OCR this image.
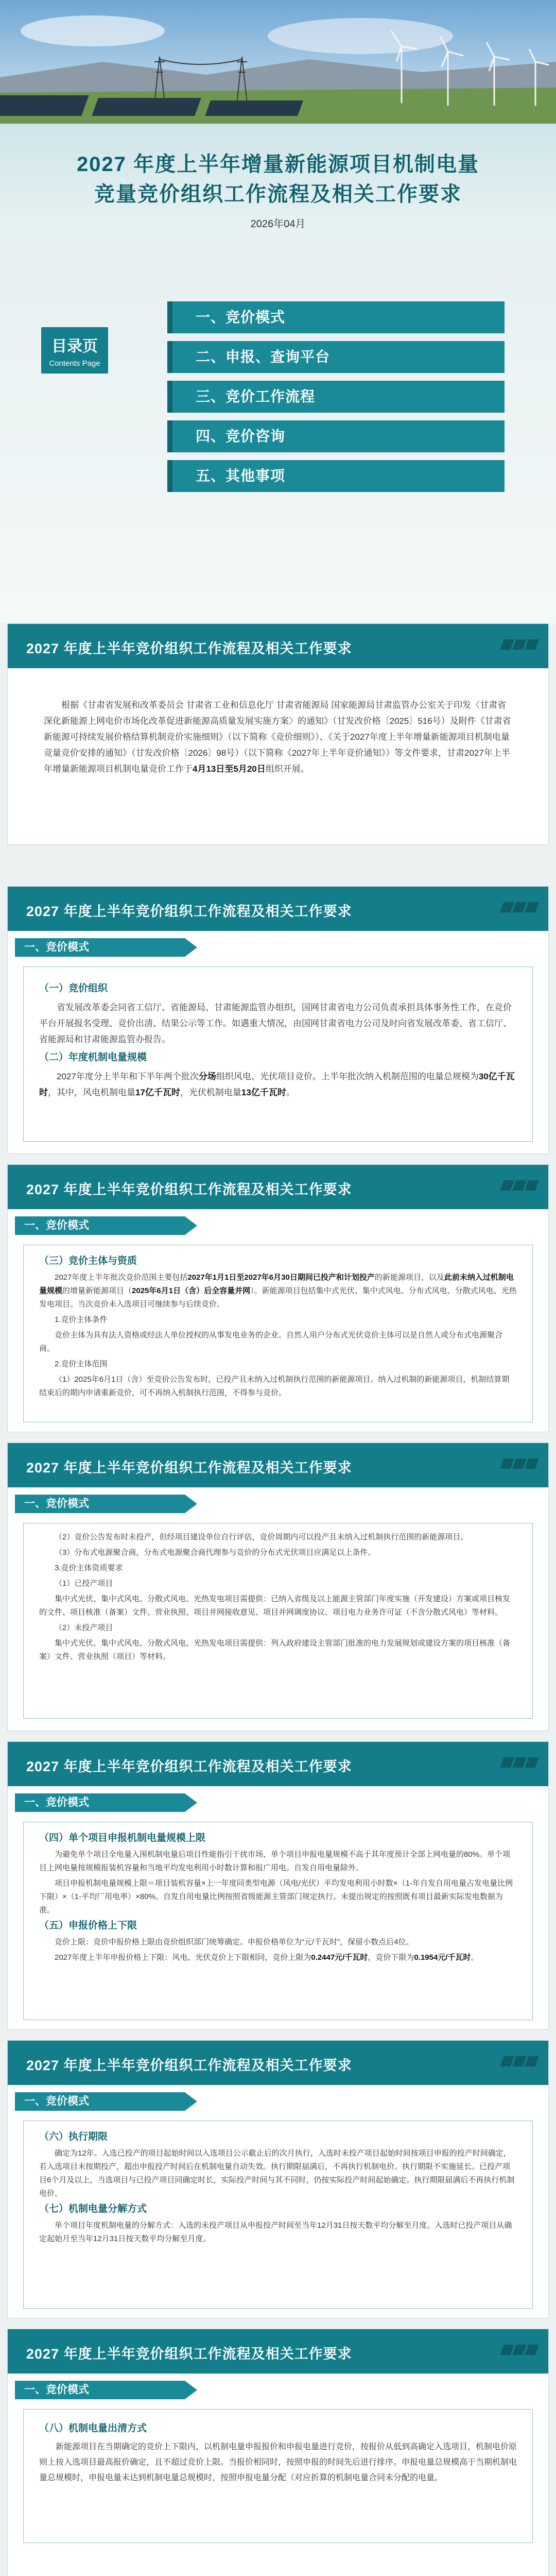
2027 年度上半年增量新能源项目机制电量
竞量竞价组织工作流程及相关工作要求
2026年04月
目录页
Contents Page
一、竞价模式
二、申报、查询平台
三、竞价工作流程
四、竞价咨询
五、其他事项
2027 年度上半年竞价组织工作流程及相关工作要求

根据《甘肃省发展和改革委员会 甘肃省工业和信息化厅 甘肃省能源局 国家能源局甘肃监管办公室关于印发〈甘肃省深化新能源上网电价市场化改革促进新能源高质量发展实施方案〉的通知》（甘发改价格〔2025〕516号）及附件《甘肃省新能源可持续发展价格结算机制竞价实施细则》（以下简称《竞价细则》）、《关于2027年度上半年增量新能源项目机制电量竞量竞价安排的通知》（甘发改价格〔2026〕98号）（以下简称《2027年上半年竞价通知》）等文件要求，甘肃2027年上半年增量新能源项目机制电量竞价工作于4月13日至5月20日组织开展。

2027 年度上半年竞价组织工作流程及相关工作要求
一、竞价模式

（一）竞价组织

省发展改革委会同省工信厅、省能源局、甘肃能源监管办组织，国网甘肃省电力公司负责承担具体事务性工作，在竞价平台开展报名受理、竞价出清、结果公示等工作。如遇重大情况，由国网甘肃省电力公司及时向省发展改革委、省工信厅、省能源局和甘肃能源监管办报告。

（二）年度机制电量规模

2027年度分上半年和下半年两个批次分场组织风电、光伏项目竞价。上半年批次纳入机制范围的电量总规模为30亿千瓦时，其中，风电机制电量17亿千瓦时，光伏机制电量13亿千瓦时。

2027 年度上半年竞价组织工作流程及相关工作要求
一、竞价模式

（三）竞价主体与资质

2027年度上半年批次竞价范围主要包括2027年1月1日至2027年6月30日期间已投产和计划投产的新能源项目，以及此前未纳入过机制电量规模的增量新能源项目（2025年6月1日（含）后全容量并网）。新能源项目包括集中式光伏、集中式风电、分布式风电、分散式风电、光热发电项目。当次竞价未入选项目可继续参与后续竞价。

1.竞价主体条件

竞价主体为具有法人资格或经法人单位授权的从事发电业务的企业。自然人用户分布式光伏竞价主体可以是自然人或分布式电源聚合商。

2.竞价主体范围

（1）2025年6月1日（含）至竞价公告发布时，已投产且未纳入过机制执行范围的新能源项目。纳入过机制的新能源项目，机制结算期结束后的期内申请重新竞价，可不再纳入机制执行范围，不得参与竞价。

2027 年度上半年竞价组织工作流程及相关工作要求
一、竞价模式

（2）竞价公告发布时未投产，但经项目建设单位自行评估，竞价周期内可以投产且未纳入过机制执行范围的新能源项目。

（3）分布式电源聚合商，分布式电源聚合商代理参与竞价的分布式光伏项目应满足以上条件。

3.竞价主体资质要求

（1）已投产项目

集中式光伏、集中式风电、分散式风电、光热发电项目需提供：已纳入省级及以上能源主管部门年度实施（开发建设）方案或项目核发的文件、项目核准（备案）文件、营业执照、项目并网接收意见、项目并网调度协议、项目电力业务许可证（不含分散式风电）等材料。

（2）未投产项目

集中式光伏、集中式风电、分散式风电、光热发电项目需提供：列入政府建设主管部门批准的电力发展规划或建设方案的项目核准（备案）文件、营业执照（项目）等材料。

2027 年度上半年竞价组织工作流程及相关工作要求
一、竞价模式

（四）单个项目申报机制电量规模上限

为避免单个项目全电量入围机制电量后项目性能指引干扰市场，单个项目申报电量规模不高于其年度预计全部上网电量的80%。单个项目上网电量按规模报装机容量和当地平均发电利用小时数计算和报广用电。自发自用电量除外。

项目申报机制电量规模上限＝项目装机容量×上一年度同类型电源（风电/光伏）平均发电利用小时数×（1-年自发自用电量占发电量比例下限）×（1-平均厂用电率）×80%。自发自用电量比例按照省级能源主管部门规定执行。未提出规定的按照既有项目最新实际发电数据为准。

（五）申报价格上下限

竞价上限：竞价申报价格上限由竞价组织部门统筹确定。申报价格单位为“元/千瓦时”，保留小数点后4位。

2027年度上半年申报价格上下限：风电、光伏竞价上下限相同，竞价上限为0.2447元/千瓦时，竞价下限为0.1954元/千瓦时。

2027 年度上半年竞价组织工作流程及相关工作要求
一、竞价模式

（六）执行期限

确定为12年。入选已投产的项目起始时间以入选项目公示截止后的次月执行，入选时未投产项目起始时间按项目申报的投产时间确定，若入选项目未按期投产，超出申报投产时间后在机制电量自动失效。执行期限届满后，不再执行机制电价。执行期限不实施延长。已投产项目6个月及以上，当选项目与已投产项目同确定时长，实际投产时间与其不同时，仍按实际投产时间起始确定。执行期限届满后不再执行机制电价。

（七）机制电量分解方式

单个项目年度机制电量的分解方式：入选的未投产项目从申报投产时间至当年12月31日按天数平均分解至月度。入选时已投产项目从确定起始月至当年12月31日按天数平均分解至月度。

2027 年度上半年竞价组织工作流程及相关工作要求
一、竞价模式

（八）机制电量出清方式

新能源项目在当期确定的竞价上下限内，以机制电量申报报价和申报电量进行竞价，按报价从低到高确定入选项目，机制电价原则上按入选项目最高报价确定，且不超过竞价上限。当报价相同时，按照申报的时间先后进行排序。申报电量总规模高于当期机制电量总规模时，申报电量未达到机制电量总规模时，按照申报电量分配（对应折算的机制电量合同未分配的电量。
